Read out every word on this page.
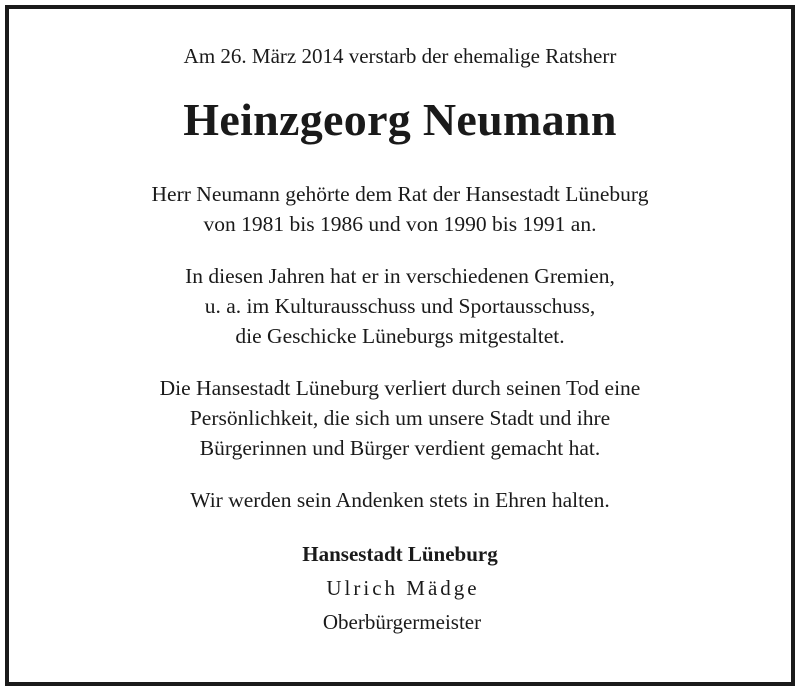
Am 26. März 2014 verstarb der ehemalige Ratsherr
Heinzgeorg Neumann
Herr Neumann gehörte dem Rat der Hansestadt Lüneburg
von 1981 bis 1986 und von 1990 bis 1991 an.
In diesen Jahren hat er in verschiedenen Gremien,
u. a. im Kulturausschuss und Sportausschuss,
die Geschicke Lüneburgs mitgestaltet.
Die Hansestadt Lüneburg verliert durch seinen Tod eine
Persönlichkeit, die sich um unsere Stadt und ihre
Bürgerinnen und Bürger verdient gemacht hat.
Wir werden sein Andenken stets in Ehren halten.
Hansestadt Lüneburg
Ulrich Mädge
Oberbürgermeister
